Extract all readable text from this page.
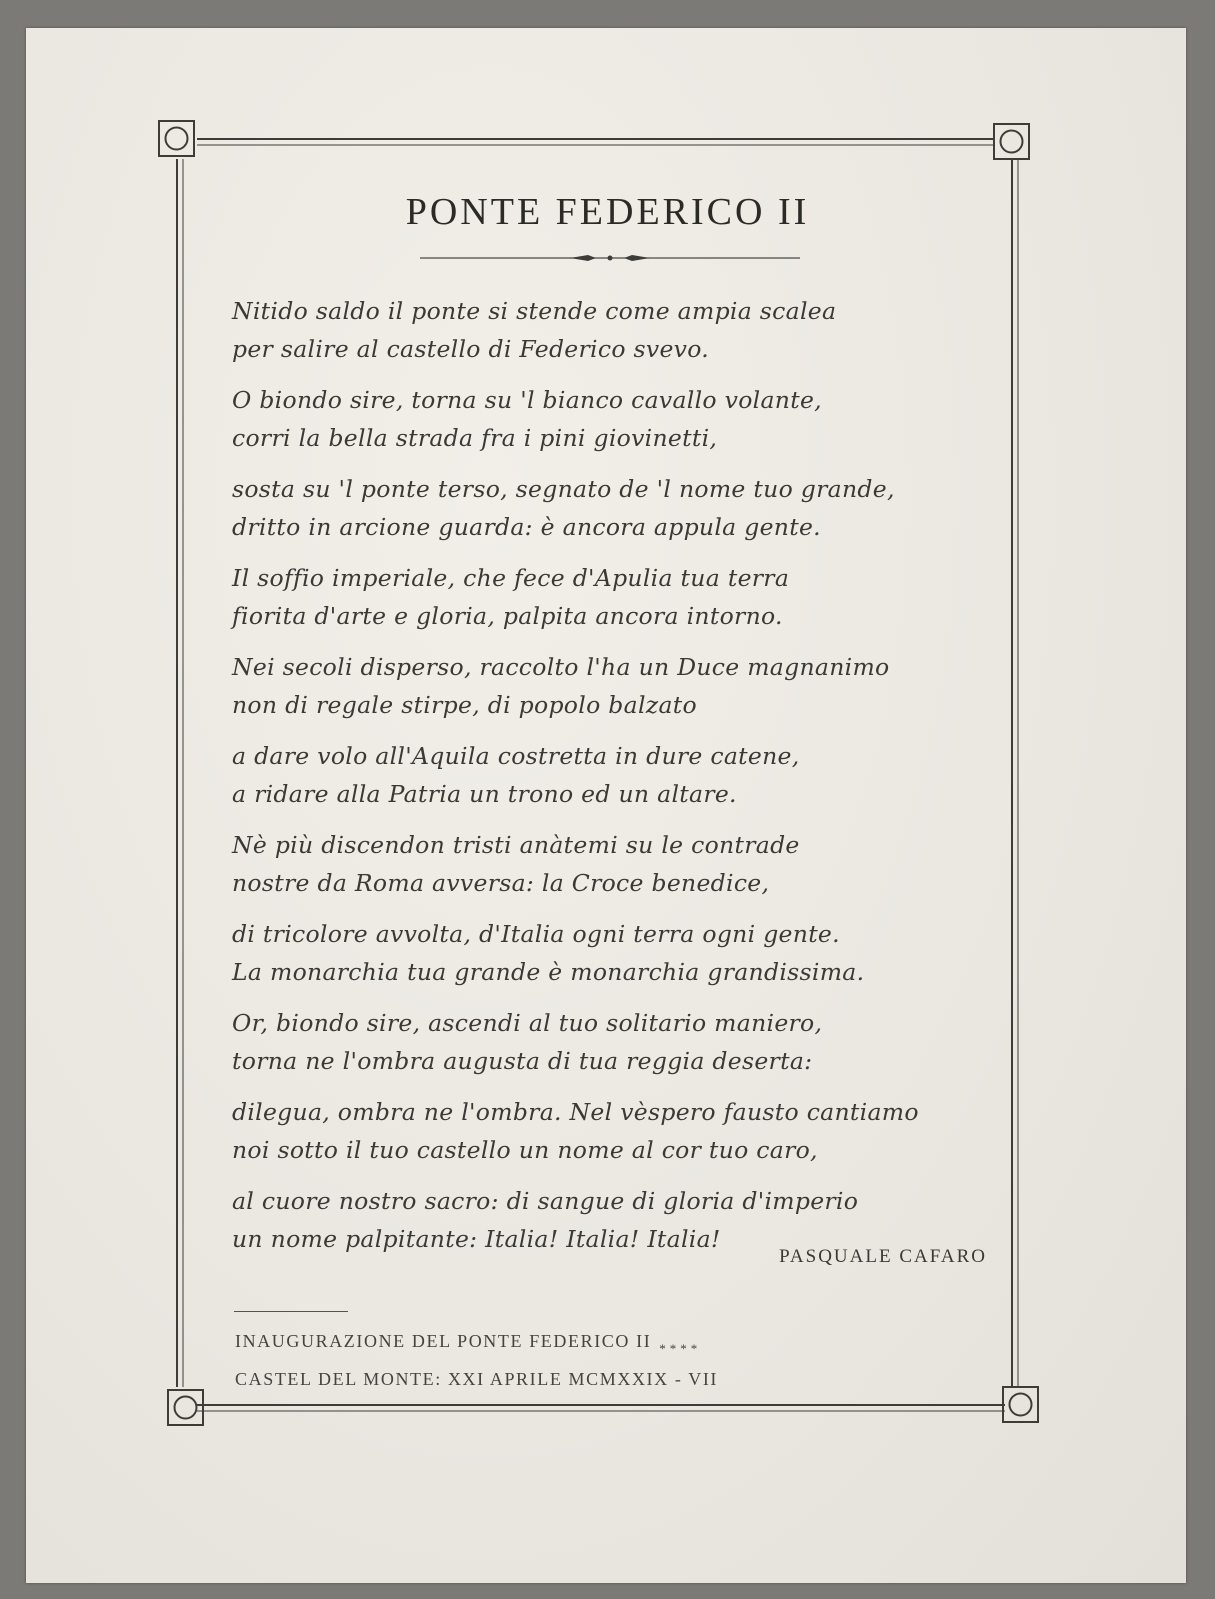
PONTE FEDERICO II
Nitido saldo il ponte si stende come ampia scalea
per salire al castello di Federico svevo.
O biondo sire, torna su 'l bianco cavallo volante,
corri la bella strada fra i pini giovinetti,
sosta su 'l ponte terso, segnato de 'l nome tuo grande,
dritto in arcione guarda: è ancora appula gente.
Il soffio imperiale, che fece d'Apulia tua terra
fiorita d'arte e gloria, palpita ancora intorno.
Nei secoli disperso, raccolto l'ha un Duce magnanimo
non di regale stirpe, di popolo balzato
a dare volo all'Aquila costretta in dure catene,
a ridare alla Patria un trono ed un altare.
Nè più discendon tristi anàtemi su le contrade
nostre da Roma avversa: la Croce benedice,
di tricolore avvolta, d'Italia ogni terra ogni gente.
La monarchia tua grande è monarchia grandissima.
Or, biondo sire, ascendi al tuo solitario maniero,
torna ne l'ombra augusta di tua reggia deserta:
dilegua, ombra ne l'ombra. Nel vèspero fausto cantiamo
noi sotto il tuo castello un nome al cor tuo caro,
al cuore nostro sacro: di sangue di gloria d'imperio
un nome palpitante: Italia! Italia! Italia!
PASQUALE CAFARO
INAUGURAZIONE DEL PONTE FEDERICO II $_{****}$
CASTEL DEL MONTE: XXI APRILE MCMXXIX - VII
